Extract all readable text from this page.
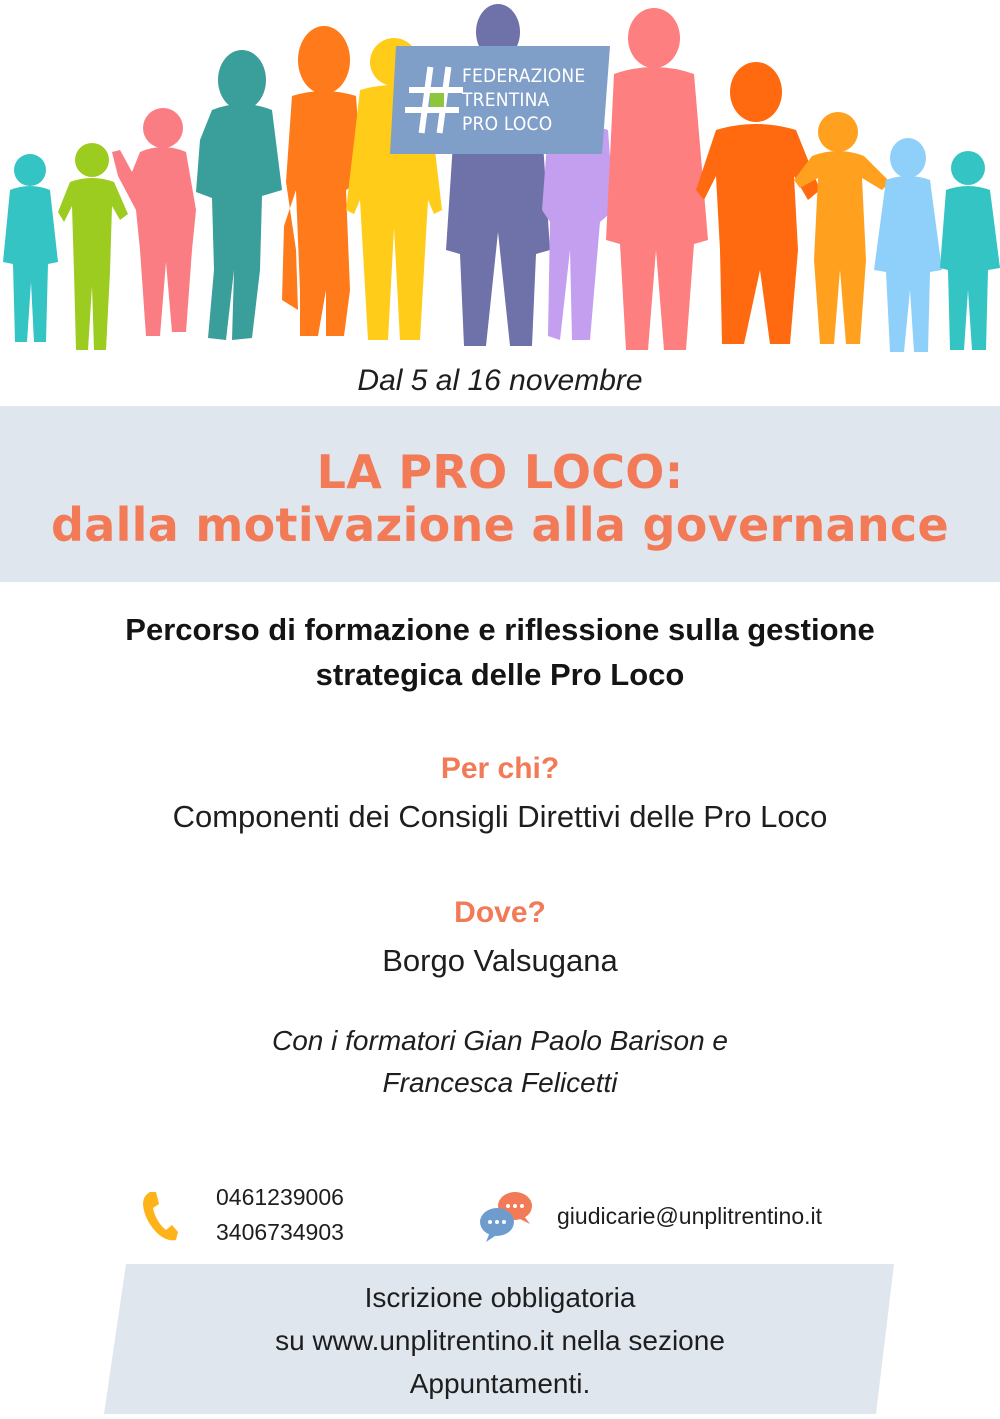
FEDERAZIONE
TRENTINA
PRO LOCO
Dal 5 al 16 novembre
LA PRO LOCO:
dalla motivazione alla governance
Percorso di formazione e riflessione sulla gestione
strategica delle Pro Loco
Per chi?
Componenti dei Consigli Direttivi delle Pro Loco
Dove?
Borgo Valsugana
Con i formatori Gian Paolo Barison e
Francesca Felicetti
0461239006
3406734903
giudicarie@unplitrentino.it
Iscrizione obbligatoria
su www.unplitrentino.it nella sezione
Appuntamenti.
